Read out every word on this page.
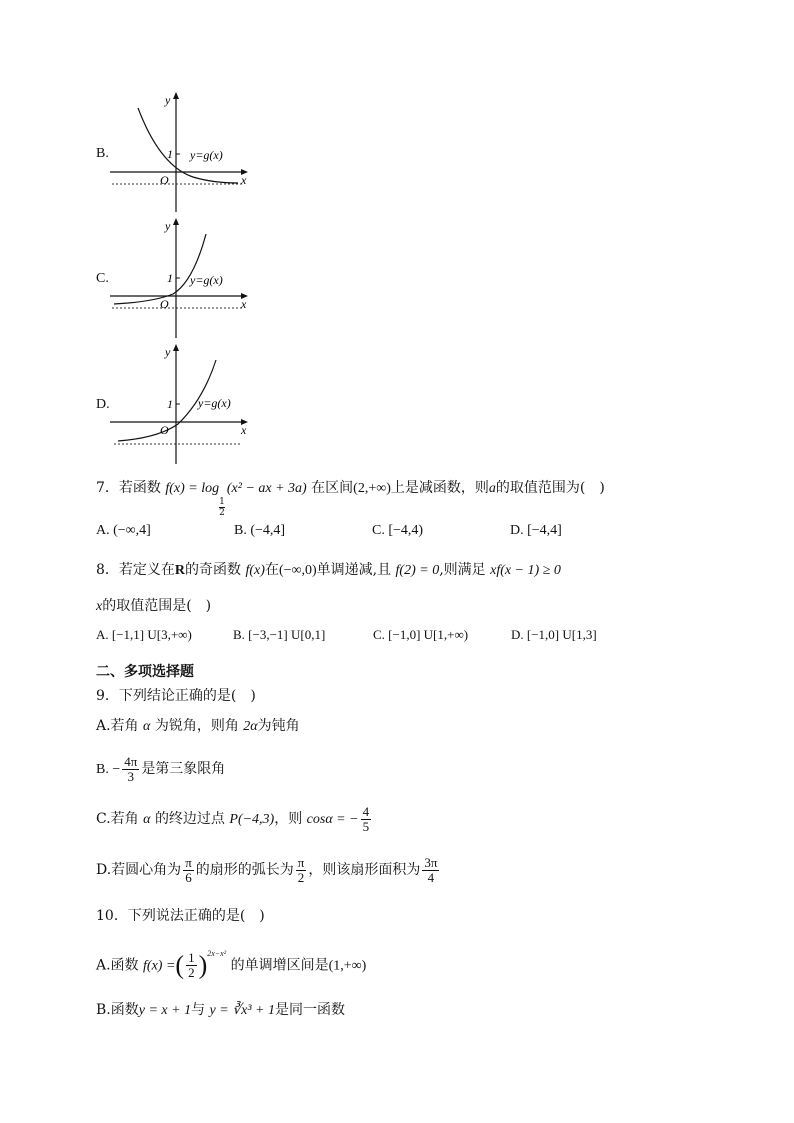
B.
y
x
O
1 y=g(x)
C.
y
x
O
1 y=g(x)
D.
y
x
O
1 y=g(x)
7．若函数 f(x) = log
$\frac{1}{2}$
(x² − ax + 3a) 在区间(2,+∞)上是减函数，则a的取值范围为(　)
A. (−∞,4]	B. (−4,4]	C. [−4,4)	D. [−4,4]
8．若定义在R的奇函数 f(x)在(−∞,0)单调递减,且 f(2) = 0,则满足 xf(x − 1) ≥ 0
x的取值范围是(　)
A. [−1,1] U[3,+∞)	B. [−3,−1] U[0,1]	C. [−1,0] U[1,+∞)	D. [−1,0] U[1,3]
二、多项选择题
9．下列结论正确的是(　)
A.若角 α 为锐角，则角 2α为钝角
B. − $\frac{4\pi}{3}$ 是第三象限角
C.若角 α 的终边过点 P(−4,3)，则 cosα = − $\frac{4}{5}$
D.若圆心角为 $\frac{\pi}{6}$ 的扇形的弧长为 $\frac{\pi}{2}$ ，则该扇形面积为 $\frac{3\pi}{4}$
10．下列说法正确的是(　)
A.函数 f(x) =( $\frac{1}{2} )^{2x-x^2}$ 的单调增区间是(1,+∞)
B.函数y = x + 1与 y = ∛x³ + 1是同一函数
